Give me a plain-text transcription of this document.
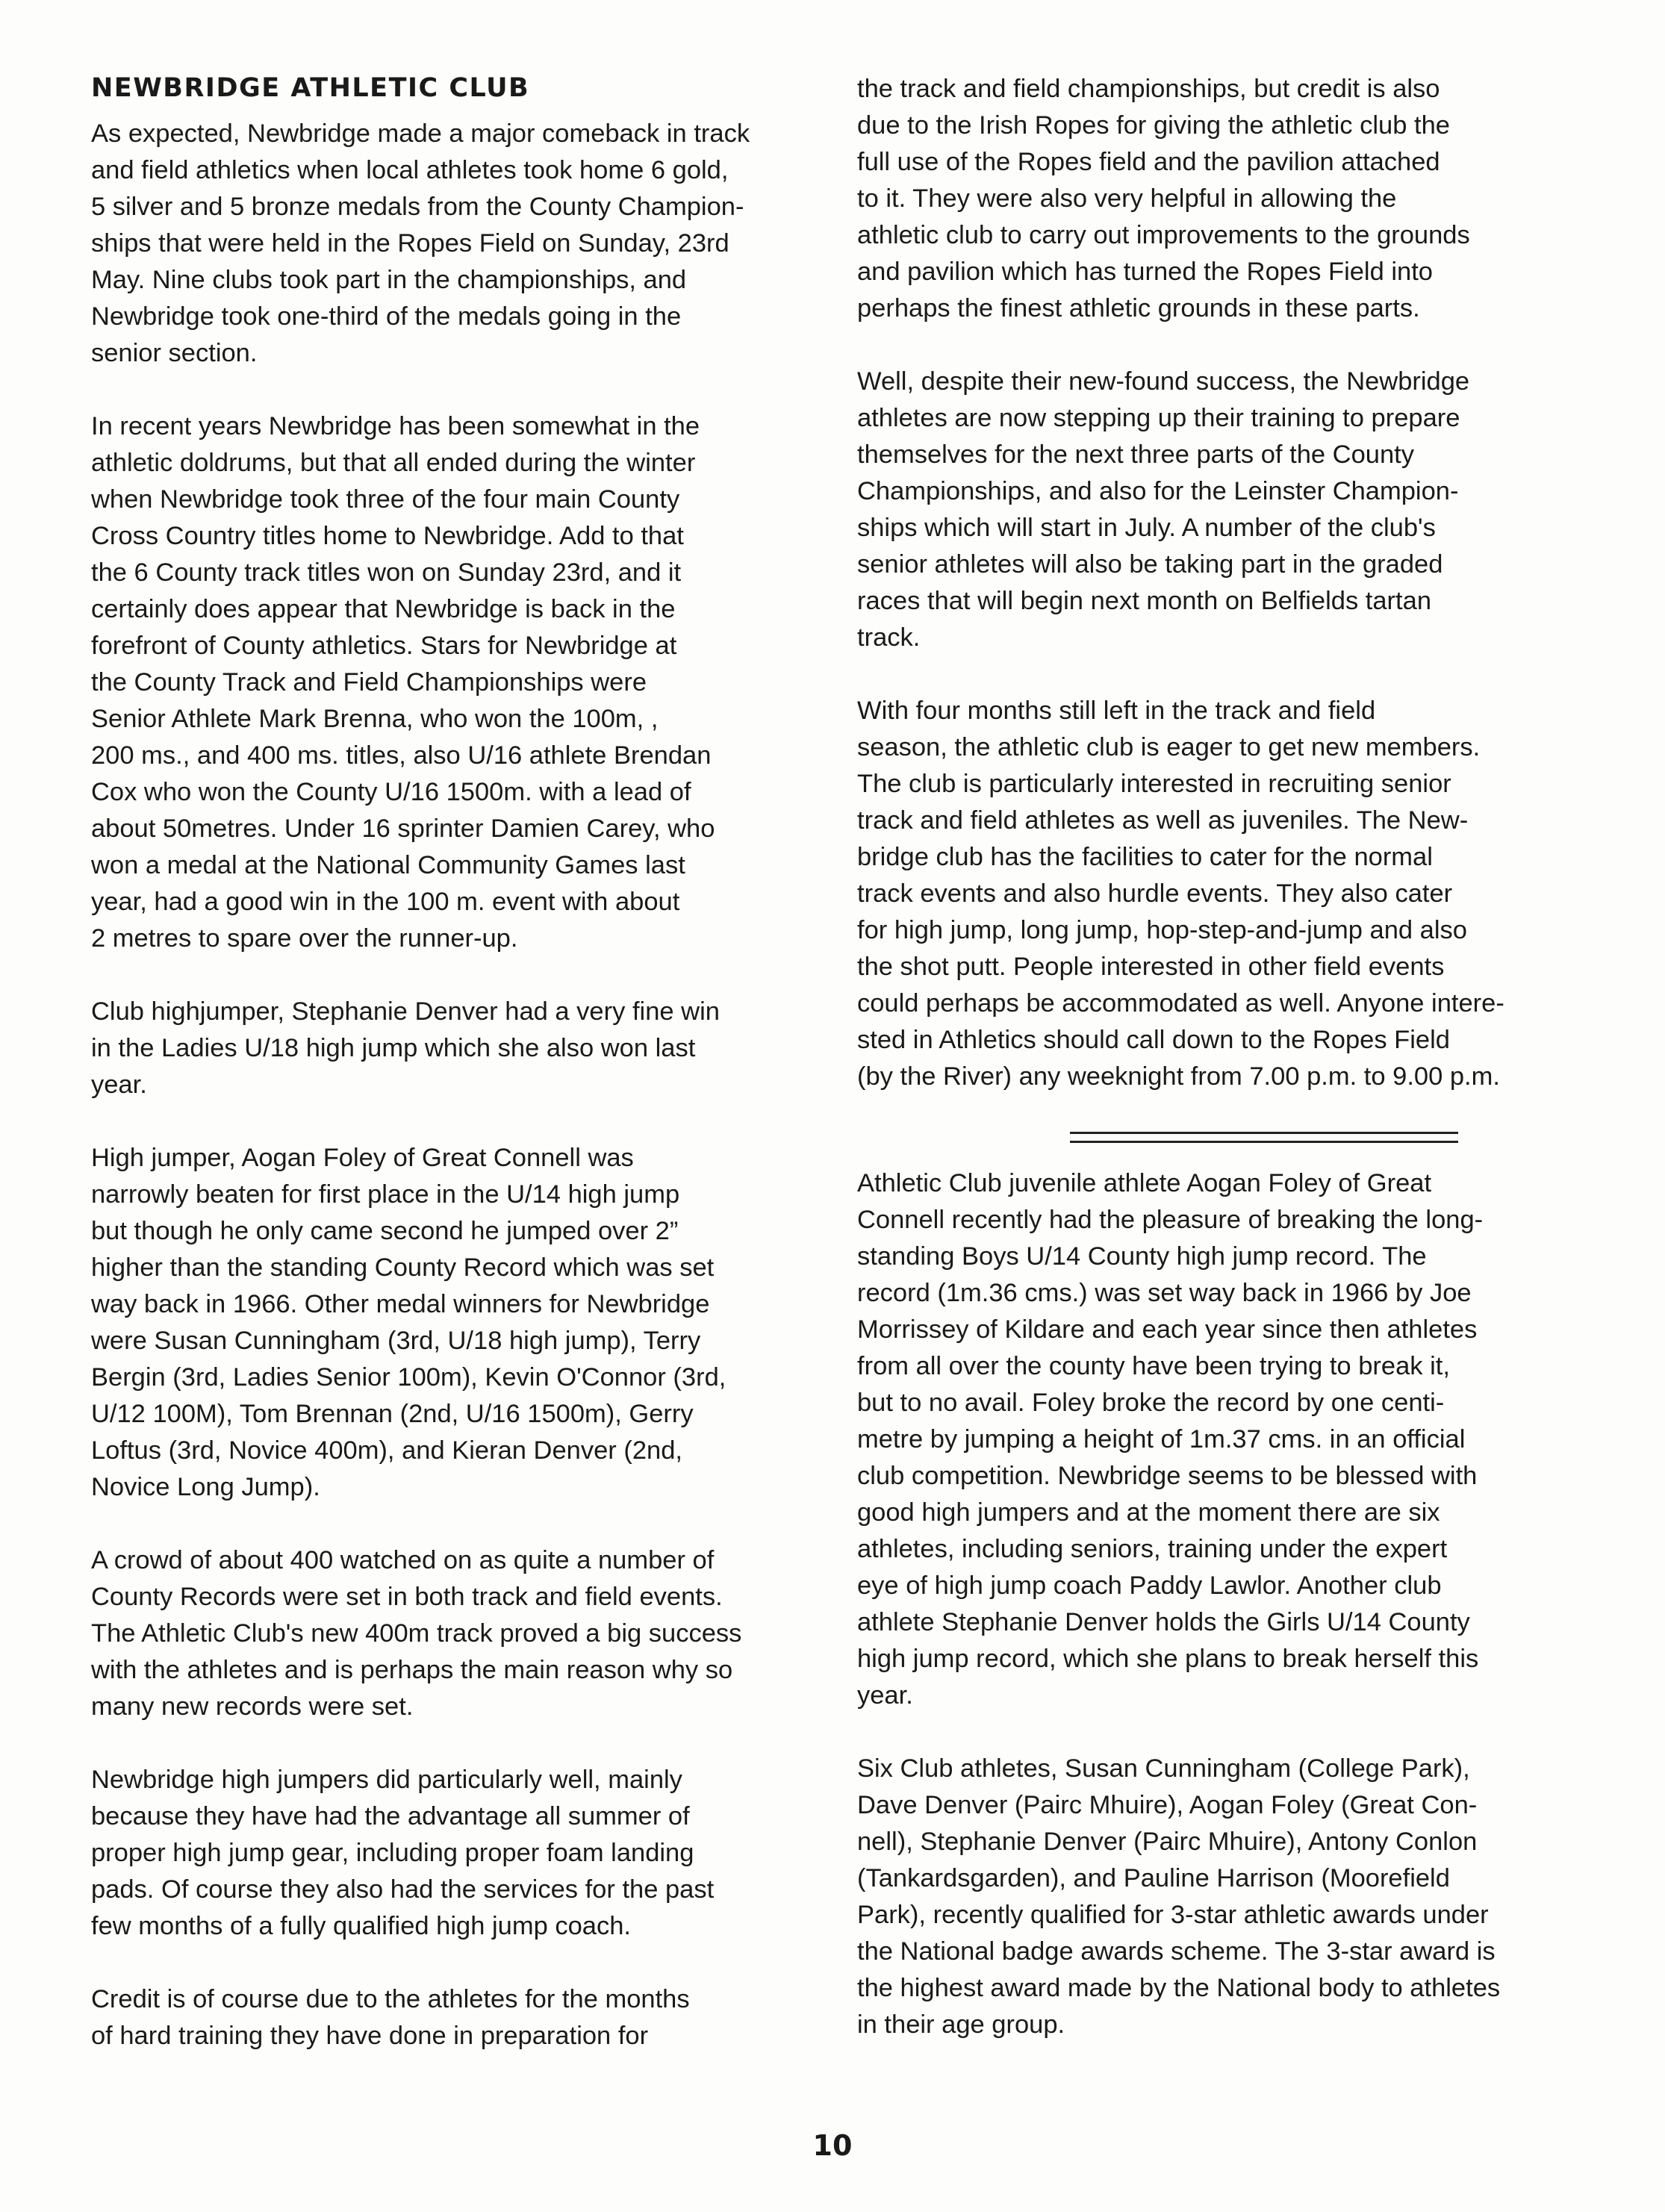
NEWBRIDGE ATHLETIC CLUB
As expected, Newbridge made a major comeback in track
and field athletics when local athletes took home 6 gold,
5 silver and 5 bronze medals from the County Champion-
ships that were held in the Ropes Field on Sunday, 23rd
May. Nine clubs took part in the championships, and
Newbridge took one-third of the medals going in the
senior section.
In recent years Newbridge has been somewhat in the
athletic doldrums, but that all ended during the winter
when Newbridge took three of the four main County
Cross Country titles home to Newbridge. Add to that
the 6 County track titles won on Sunday 23rd, and it
certainly does appear that Newbridge is back in the
forefront of County athletics. Stars for Newbridge at
the County Track and Field Championships were
Senior Athlete Mark Brenna, who won the 100m, ,
200 ms., and 400 ms. titles, also U/16 athlete Brendan
Cox who won the County U/16 1500m. with a lead of
about 50metres. Under 16 sprinter Damien Carey, who
won a medal at the National Community Games last
year, had a good win in the 100 m. event with about
2 metres to spare over the runner-up.
Club highjumper, Stephanie Denver had a very fine win
in the Ladies U/18 high jump which she also won last
year.
High jumper, Aogan Foley of Great Connell was
narrowly beaten for first place in the U/14 high jump
but though he only came second he jumped over 2”
higher than the standing County Record which was set
way back in 1966. Other medal winners for Newbridge
were Susan Cunningham (3rd, U/18 high jump), Terry
Bergin (3rd, Ladies Senior 100m), Kevin O'Connor (3rd,
U/12 100M), Tom Brennan (2nd, U/16 1500m), Gerry
Loftus (3rd, Novice 400m), and Kieran Denver (2nd,
Novice Long Jump).
A crowd of about 400 watched on as quite a number of
County Records were set in both track and field events.
The Athletic Club's new 400m track proved a big success
with the athletes and is perhaps the main reason why so
many new records were set.
Newbridge high jumpers did particularly well, mainly
because they have had the advantage all summer of
proper high jump gear, including proper foam landing
pads. Of course they also had the services for the past
few months of a fully qualified high jump coach.
Credit is of course due to the athletes for the months
of hard training they have done in preparation for
the track and field championships, but credit is also
due to the Irish Ropes for giving the athletic club the
full use of the Ropes field and the pavilion attached
to it. They were also very helpful in allowing the
athletic club to carry out improvements to the grounds
and pavilion which has turned the Ropes Field into
perhaps the finest athletic grounds in these parts.
Well, despite their new-found success, the Newbridge
athletes are now stepping up their training to prepare
themselves for the next three parts of the County
Championships, and also for the Leinster Champion-
ships which will start in July. A number of the club's
senior athletes will also be taking part in the graded
races that will begin next month on Belfields tartan
track.
With four months still left in the track and field
season, the athletic club is eager to get new members.
The club is particularly interested in recruiting senior
track and field athletes as well as juveniles. The New-
bridge club has the facilities to cater for the normal
track events and also hurdle events. They also cater
for high jump, long jump, hop-step-and-jump and also
the shot putt. People interested in other field events
could perhaps be accommodated as well. Anyone intere-
sted in Athletics should call down to the Ropes Field
(by the River) any weeknight from 7.00 p.m. to 9.00 p.m.
Athletic Club juvenile athlete Aogan Foley of Great
Connell recently had the pleasure of breaking the long-
standing Boys U/14 County high jump record. The
record (1m.36 cms.) was set way back in 1966 by Joe
Morrissey of Kildare and each year since then athletes
from all over the county have been trying to break it,
but to no avail. Foley broke the record by one centi-
metre by jumping a height of 1m.37 cms. in an official
club competition. Newbridge seems to be blessed with
good high jumpers and at the moment there are six
athletes, including seniors, training under the expert
eye of high jump coach Paddy Lawlor. Another club
athlete Stephanie Denver holds the Girls U/14 County
high jump record, which she plans to break herself this
year.
Six Club athletes, Susan Cunningham (College Park),
Dave Denver (Pairc Mhuire), Aogan Foley (Great Con-
nell), Stephanie Denver (Pairc Mhuire), Antony Conlon
(Tankardsgarden), and Pauline Harrison (Moorefield
Park), recently qualified for 3-star athletic awards under
the National badge awards scheme. The 3-star award is
the highest award made by the National body to athletes
in their age group.
10
